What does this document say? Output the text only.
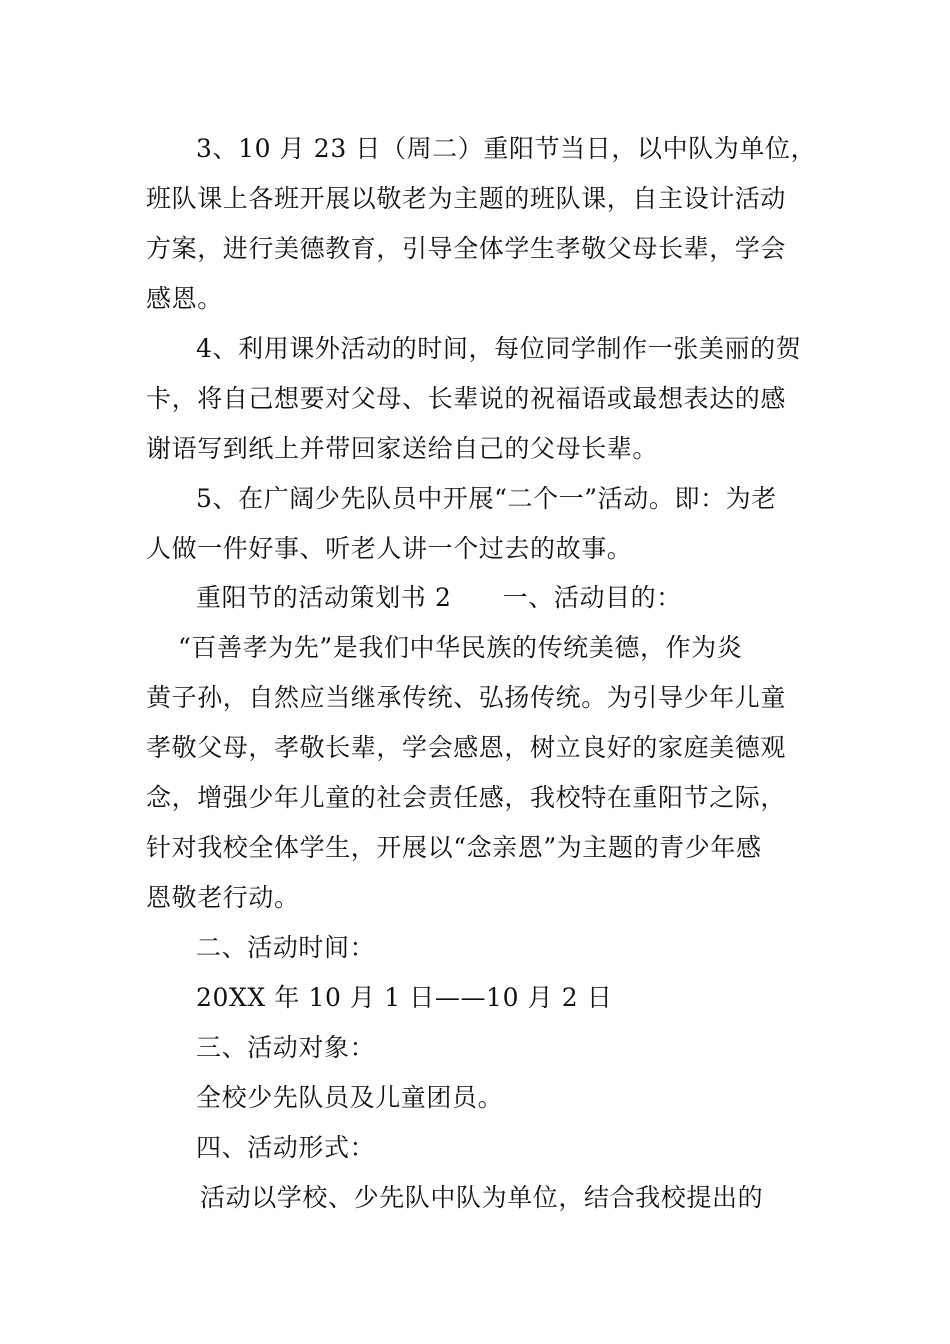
3、10 月 23 日（周二）重阳节当日，以中队为单位，
班队课上各班开展以敬老为主题的班队课，自主设计活动
方案，进行美德教育，引导全体学生孝敬父母长辈，学会
感恩。
4、利用课外活动的时间，每位同学制作一张美丽的贺
卡，将自己想要对父母、长辈说的祝福语或最想表达的感
谢语写到纸上并带回家送给自己的父母长辈。
5、在广阔少先队员中开展“二个一”活动。即：为老
人做一件好事、听老人讲一个过去的故事。
重阳节的活动策划书 2　　一、活动目的：
“百善孝为先”是我们中华民族的传统美德，作为炎
黄子孙，自然应当继承传统、弘扬传统。为引导少年儿童
孝敬父母，孝敬长辈，学会感恩，树立良好的家庭美德观
念，增强少年儿童的社会责任感，我校特在重阳节之际，
针对我校全体学生，开展以“念亲恩”为主题的青少年感
恩敬老行动。
二、活动时间：
20XX 年 10 月 1 日——10 月 2 日
三、活动对象：
全校少先队员及儿童团员。
四、活动形式：
活动以学校、少先队中队为单位，结合我校提出的
